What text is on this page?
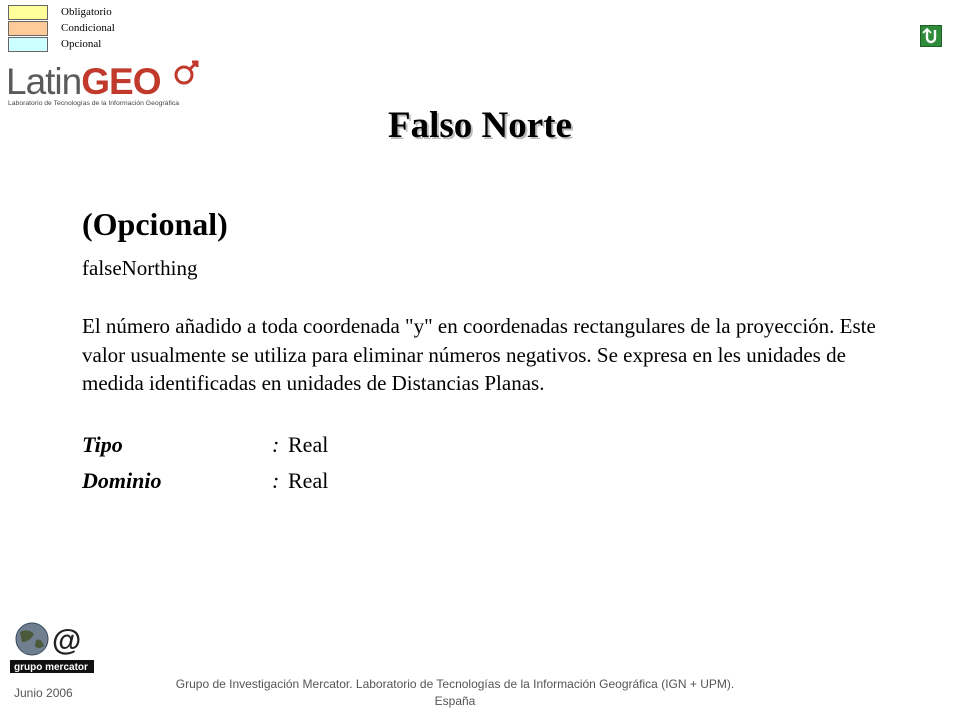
Obligatorio
Condicional
Opcional
LatinGEO
Laboratorio de Tecnologías de la Información Geográfica
Falso Norte
(Opcional)
falseNorthing
El número añadido a toda coordenada "y" en coordenadas rectangulares de la proyección. Este valor usualmente se utiliza para eliminar números negativos. Se expresa en les unidades de medida identificadas en unidades de Distancias Planas.
Tipo	: Real
Dominio	: Real
@
grupo mercator
Junio 2006
Grupo de Investigación Mercator. Laboratorio de Tecnologías de la Información Geográfica (IGN + UPM).
España
